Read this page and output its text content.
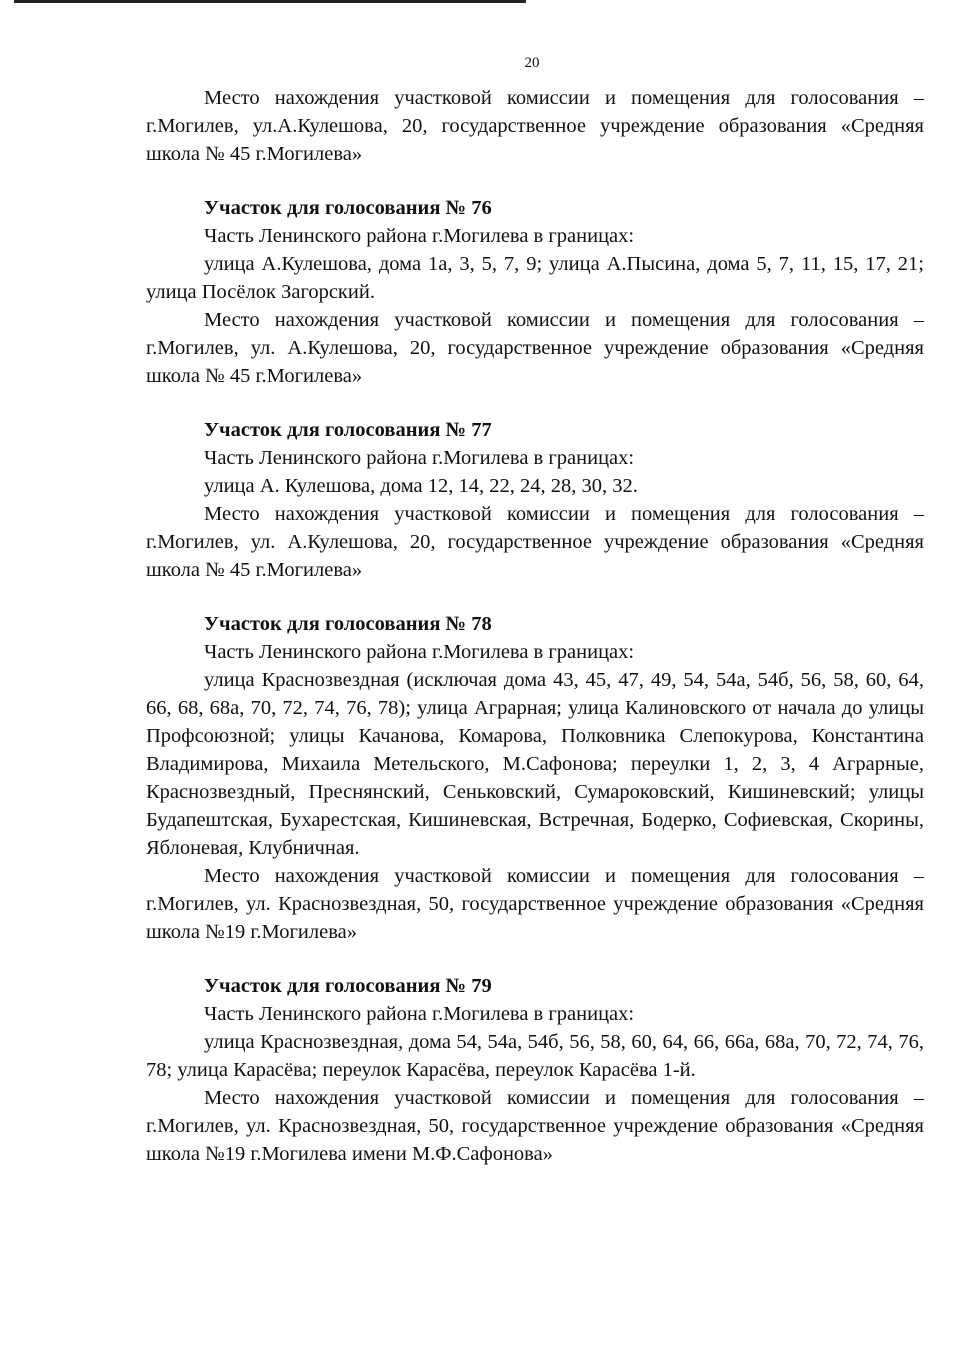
20

Место нахождения участковой комиссии и помещения для голосования – г.Могилев, ул.А.Кулешова, 20, государственное учреждение образования «Средняя школа № 45 г.Могилева»

Участок для голосования № 76

Часть Ленинского района г.Могилева в границах:

улица А.Кулешова, дома 1а, 3, 5, 7, 9; улица А.Пысина, дома 5, 7, 11, 15, 17, 21; улица Посёлок Загорский.

Место нахождения участковой комиссии и помещения для голосования – г.Могилев, ул. А.Кулешова, 20, государственное учреждение образования «Средняя школа № 45 г.Могилева»

Участок для голосования № 77

Часть Ленинского района г.Могилева в границах:

улица А. Кулешова, дома 12, 14, 22, 24, 28, 30, 32.

Место нахождения участковой комиссии и помещения для голосования – г.Могилев, ул. А.Кулешова, 20, государственное учреждение образования «Средняя школа № 45 г.Могилева»

Участок для голосования № 78

Часть Ленинского района г.Могилева в границах:

улица Краснозвездная (исключая дома 43, 45, 47, 49, 54, 54а, 54б, 56, 58, 60, 64, 66, 68, 68а, 70, 72, 74, 76, 78); улица Аграрная; улица Калиновского от начала до улицы Профсоюзной; улицы Качанова, Комарова, Полковника Слепокурова, Константина Владимирова, Михаила Метельского, М.Сафонова; переулки 1, 2, 3, 4 Аграрные, Краснозвездный, Преснянский, Сеньковский, Сумароковский, Кишиневский; улицы Будапештская, Бухарестская, Кишиневская, Встречная, Бодерко, Софиевская, Скорины, Яблоневая, Клубничная.

Место нахождения участковой комиссии и помещения для голосования – г.Могилев, ул. Краснозвездная, 50, государственное учреждение образования «Средняя школа №19 г.Могилева»

Участок для голосования № 79

Часть Ленинского района г.Могилева в границах:

улица Краснозвездная, дома 54, 54а, 54б, 56, 58, 60, 64, 66, 66а, 68а, 70, 72, 74, 76, 78; улица Карасёва; переулок Карасёва, переулок Карасёва 1-й.

Место нахождения участковой комиссии и помещения для голосования – г.Могилев, ул. Краснозвездная, 50, государственное учреждение образования «Средняя школа №19 г.Могилева имени М.Ф.Сафонова»
